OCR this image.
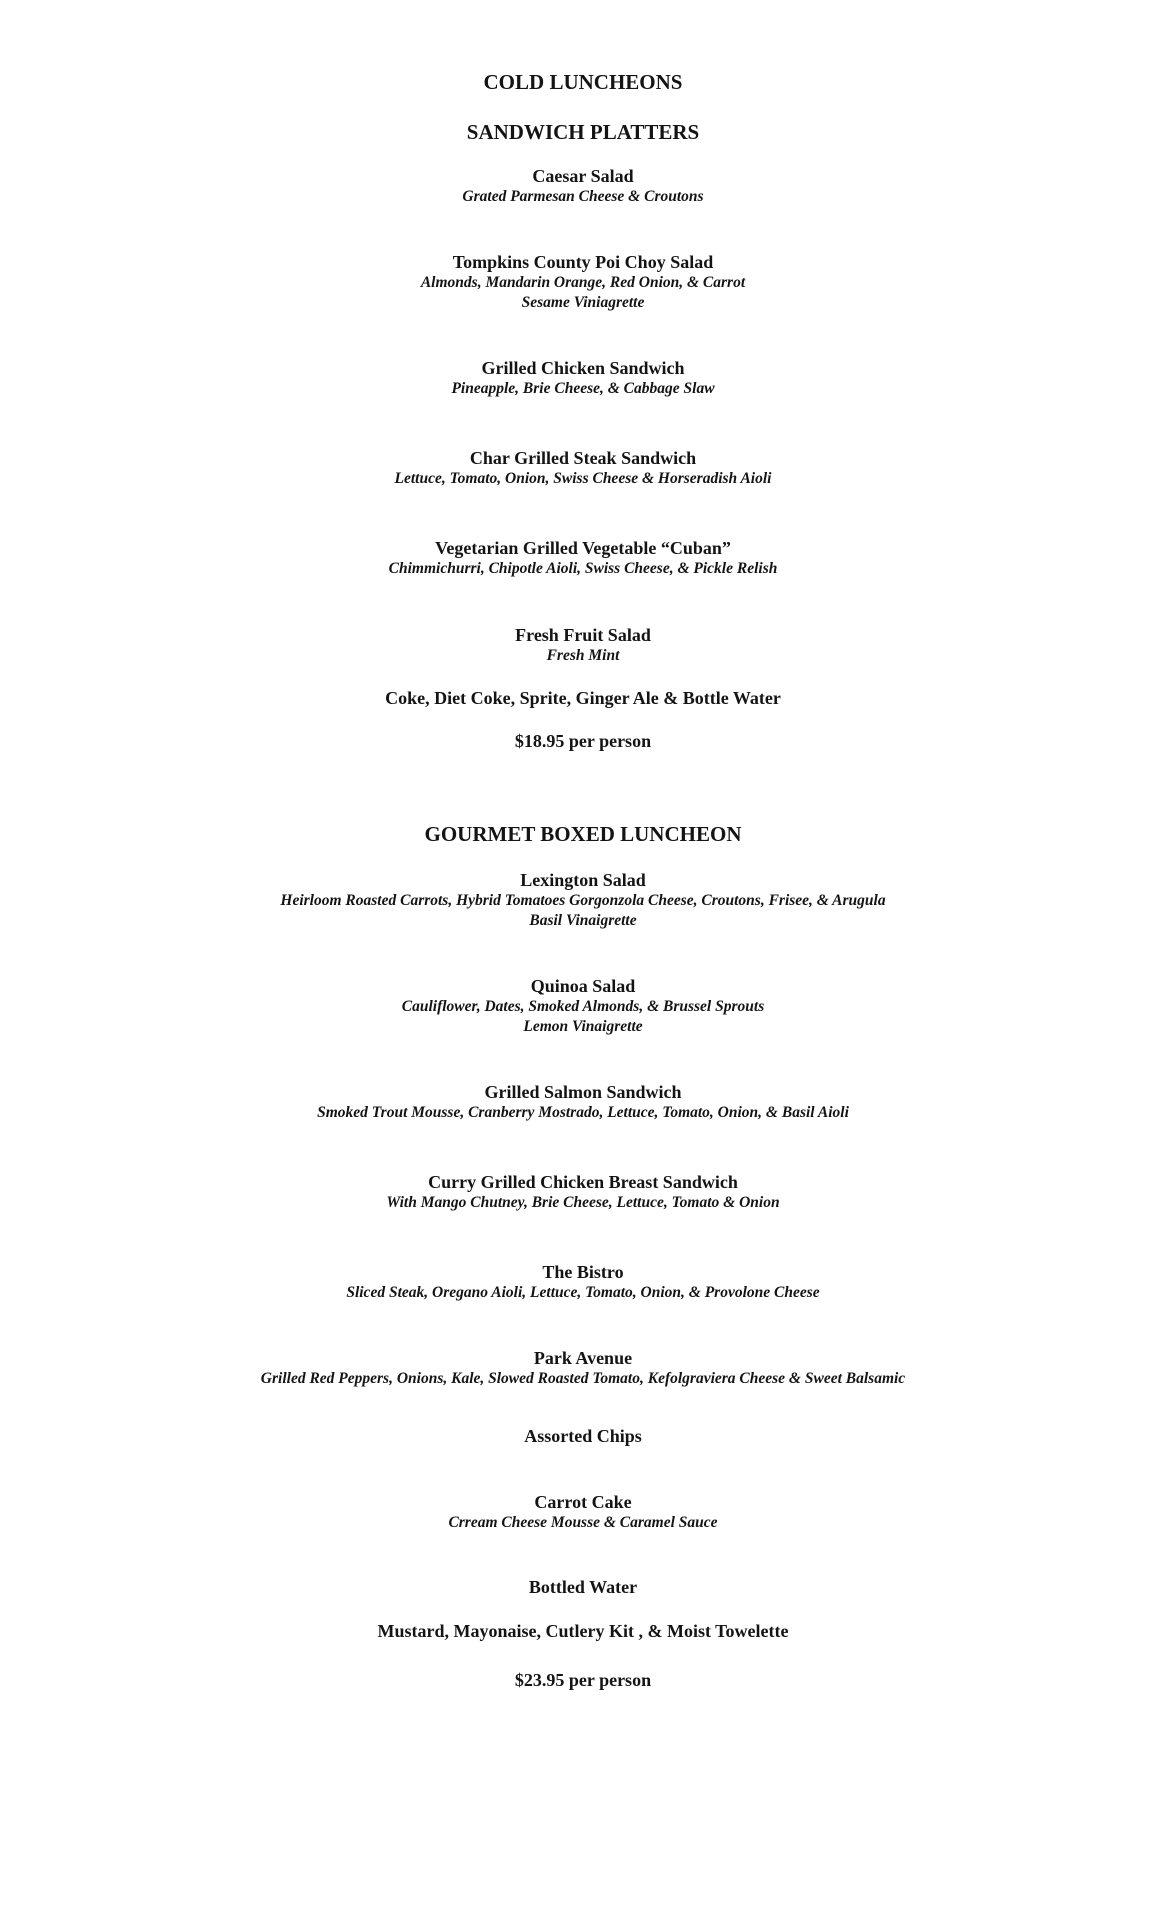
COLD LUNCHEONS

SANDWICH PLATTERS

Caesar Salad

Grated Parmesan Cheese & Croutons

Tompkins County Poi Choy Salad

Almonds, Mandarin Orange, Red Onion, & Carrot

Sesame Viniagrette

Grilled Chicken Sandwich

Pineapple, Brie Cheese, & Cabbage Slaw

Char Grilled Steak Sandwich

Lettuce, Tomato, Onion, Swiss Cheese & Horseradish Aioli

Vegetarian Grilled Vegetable “Cuban”

Chimmichurri, Chipotle Aioli, Swiss Cheese, & Pickle Relish

Fresh Fruit Salad

Fresh Mint

Coke, Diet Coke, Sprite, Ginger Ale & Bottle Water

$18.95 per person

GOURMET BOXED LUNCHEON

Lexington Salad

Heirloom Roasted Carrots, Hybrid Tomatoes Gorgonzola Cheese, Croutons, Frisee, & Arugula

Basil Vinaigrette

Quinoa Salad

Cauliflower, Dates, Smoked Almonds, & Brussel Sprouts

Lemon Vinaigrette

Grilled Salmon Sandwich

Smoked Trout Mousse, Cranberry Mostrado, Lettuce, Tomato, Onion, & Basil Aioli

Curry Grilled Chicken Breast Sandwich

With Mango Chutney, Brie Cheese, Lettuce, Tomato & Onion

The Bistro

Sliced Steak, Oregano Aioli, Lettuce, Tomato, Onion, & Provolone Cheese

Park Avenue

Grilled Red Peppers, Onions, Kale, Slowed Roasted Tomato, Kefolgraviera Cheese & Sweet Balsamic

Assorted Chips

Carrot Cake

Crream Cheese Mousse & Caramel Sauce

Bottled Water

Mustard, Mayonaise, Cutlery Kit , & Moist Towelette

$23.95 per person
